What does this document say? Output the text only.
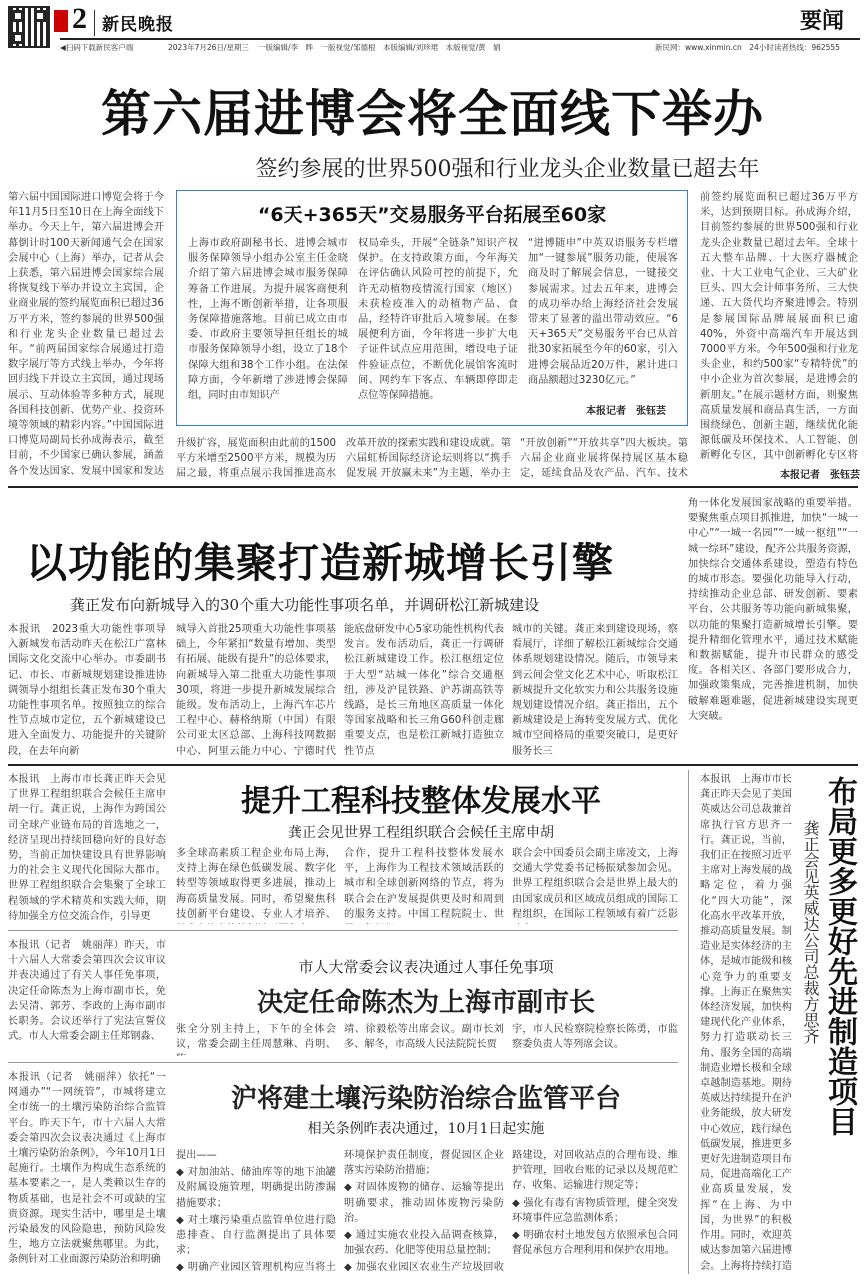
2 新民晚报	要闻
◀扫码下载新民客户端	2023年7月26日/星期三 一版编辑/李　晔　一版视觉/邹德根　本版编辑/刘珍珺　本版视觉/黄　娟	新民网：www.xinmin.cn　24小时读者热线：962555
第六届进博会将全面线下举办
签约参展的世界500强和行业龙头企业数量已超去年
第六届中国国际进口博览会将于今年11月5日至10日在上海全面线下举办。今天上午，第六届进博会开幕倒计时100天新闻通气会在国家会展中心（上海）举办，记者从会上获悉，第六届进博会国家综合展将恢复线下举办并设立主宾国，企业商业展的签约展览面积已超过36万平方米，签约参展的世界500强和行业龙头企业数量已超过去年。“前两届国家综合展通过打造数字展厅等方式线上举办，今年将回归线下并设立主宾国，通过现场展示、互动体验等多种方式，展现各国科技创新、优势产业、投资环境等领域的精彩内容。”中国国际进口博览局副局长孙成海表示，截至目前，不少国家已确认参展，涵盖各个发达国家、发展中国家和发达
“6天+365天”交易服务平台拓展至60家
上海市政府副秘书长、进博会城市服务保障领导小组办公室主任金晓介绍了第六届进博会城市服务保障筹备工作进展。为提升展客商便利性，上海不断创新举措，让各项服务保障措施落地。目前已成立由市委、市政府主要领导担任组长的城市服务保障领导小组，设立了18个保障大组和38个工作小组。在法保障方面，今年新增了涉进博会保障组，同时由市知识产
权局牵头，开展“全链条”知识产权保护。在支持政策方面，今年海关在评估确认风险可控的前提下，允许无动植物疫情流行国家（地区）未获检疫准入的动植物产品、食品，经特许审批后入境参展。在参展便利方面，今年将进一步扩大电子证件试点应用范围，增设电子证件验证点位，不断优化展馆客流时间、网约车下客点、车辆即停即走点位等保障措施。
“进博随申”中英双语服务专栏增加“一键参展”服务功能，使展客商及时了解展会信息，一键接交参展需求。过去五年来，进博会的成功举办给上海经济社会发展带来了显著的溢出带动效应。“6天+365天”交易服务平台已从首批30家拓展至今年的60家，引入进博会展品近20万件，累计进口商品额超过3230亿元。”
本报记者　张钰芸
升级扩容，展览面积由此前的1500平方米增至2500平方米，规模为历届之最，将重点展示我国推进高水
改革开放的探索实践和建设成就。第六届虹桥国际经济论坛则将以“携手促发展 开放赢未来”为主题，举办主
“开放创新”“开放共享”四大板块。第六届企业商业展将保持展区基本稳定，延续食品及农产品、汽车、技术
前签约展览面积已超过36万平方米，达到预期目标。孙成海介绍，目前签约参展的世界500强和行业龙头企业数量已超过去年。全球十五大整车品牌、十大医疗器械企业、十大工业电气企业、三大矿业巨头、四大会计师事务所、三大快递、五大货代均齐聚进博会。特别是参展国际品牌展展面积已逾40%，外资中高端汽车开展达到7000平方米。今年500强和行业龙头企业，和约500家“专精特优”的中小企业为首次参展，是进博会的新朋友。”在展示题材方面，则聚焦高质量发展和商品真生活，一方面围绕绿色、创新主题，继续优化能源低碳及环保技术、人工智能、创新孵化专区，其中创新孵化专区将
本报记者　张钰芸
以功能的集聚打造新城增长引擎
龚正发布向新城导入的30个重大功能性事项名单，并调研松江新城建设
本报讯　2023重大功能性事项导入新城发布活动昨天在松江广富林国际文化交流中心举办。市委副书记、市长、市新城规划建设推进协调领导小组组长龚正发布30个重大功能性事项名单。按照独立的综合性节点城市定位，五个新城建设已进入全面发力、功能提升的关键阶段，在去年向新
城导入首批25项重大功能性事项基础上，今年紧扣“数量有增加、类型有拓展、能级有提升”的总体要求，向新城导入第二批重大功能性事项30项，将进一步提升新城发展综合能级。发布活动上，上海汽车芯片工程中心、赫格纳斯（中国）有限公司亚太区总部、上海科技网数据中心、阿里云能力中心、宁德时代
能底盘研发中心5家功能性机构代表发言。发布活动后，龚正一行调研松江新城建设工作。松江枢纽定位于大型“站城一体化”综合交通枢纽，涉及沪昆铁路、沪苏湖高铁等线路，是长三角地区高质量一体化等国家战略和长三角G60科创走廊重要支点，也是松江新城打造独立性节点
城市的关键。龚正来到建设现场，察看展厅，详细了解松江新城综合交通体系规划建设情况。随后，市领导来到云间会堂文化艺术中心，听取松江新城提升文化软实力和公共服务设施规划建设情况介绍。龚正指出，五个新城建设是上海转变发展方式、优化城市空间格局的重要突破口，是更好服务长三
角一体化发展国家战略的重要举措。要聚焦重点项目抓推进，加快“一城一中心”“一城一名园”“一城一枢纽”“一城一综环”建设，配齐公共服务资源，加快综合交通体系建设，塑造有特色的城市形态。要强化功能导入行动，持续推动企业总部、研发创新、要素平台、公共服务等功能向新城集聚，以功能的集聚打造新城增长引擎。要提升精细化管理水平，通过技术赋能和数据赋能，提升市民群众的感受度。各相关区、各部门要形成合力，加强政策集成，完善推进机制，加快破解难题难题，促进新城建设实现更大突破。
本报讯　上海市市长龚正昨天会见了世界工程组织联合会候任主席申胡一行。龚正说，上海作为跨国公司全球产业链布局的首选地之一，经济呈现出持续回稳向好的良好态势，当前正加快建设具有世界影响力的社会主义现代化国际大都市。世界工程组织联合会集聚了全球工程领域的学术精英和实践大师，期待加强全方位交流合作，引导更
提升工程科技整体发展水平
龚正会见世界工程组织联合会候任主席申胡
多全球高素质工程企业布局上海，支持上海在绿色低碳发展、数字化转型等领域取得更多进展，推动上海高质量发展。同时，希望聚焦科技创新平台建设、专业人才培养、
合作，提升工程科技整体发展水平，上海作为工程技术领域活跃的城市和全球创新网络的节点，将为联合会在沪发展提供更及时和周到的服务支持。中国工程院院士、世
联合会中国委员会副主席凌文，上海交通大学党委书记杨振斌参加会见。世界工程组织联合会是世界上最大的由国家成员和区域成员组成的国际工程组织，在国际工程领域有着广泛影
本报讯（记者　姚丽萍）昨天，市十六届人大常委会第四次会议审议并表决通过了有关人事任免事项，决定任命陈杰为上海市副市长，免去吴清、郭芳、李政的上海市副市长职务。会议还举行了宪法宣誓仪式。市人大常委会副主任郑钢淼、
市人大常委会议表决通过人事任免事项
决定任命陈杰为上海市副市长
张全分别主持上，下午的全体会议，常委会副主任周慧琳、肖明、
靖、徐毅松等出席会议。副市长刘多、解冬，市高级人民法院院长贾
宇，市人民检察院检察长陈勇，市监察委负责人等列席会议。
本报讯（记者　姚丽萍）依托“一网通办”“一网统管”，市城将建立全市统一的土壤污染防治综合监管平台。昨天下午，市十六届人大常委会第四次会议表决通过《上海市土壤污染防治条例》，今年10月1日起施行。土壤作为构成生态系统的基本要素之一，是人类赖以生存的物质基础，也是社会不可或缺的宝贵资源。现实生活中，哪里是土壤污染最发的风险隐患，预防风险发生，地方立法就聚焦哪里。为此，条例针对工业面源污染防治和明确
沪将建土壤污染防治综合监管平台
相关条例昨表决通过，10月1日起实施
提出——
◆ 对加油站、储油库等的地下油罐及附属设施管理，明确提出防渗漏措施要求；
◆ 对土壤污染重点监管单位进行隐患排查、自行监测提出了具体要求；
◆ 明确产业园区管理机构应当将土
环境保护责任制度，督促园区企业落实污染防治措施；
◆ 对固体废物的储存、运输等提出明确要求，推动固体废物污染防治。
◆ 通过实施农业投入品调查核算，加强农药、化肥等使用总量控制；
◆ 加强农业园区农业生产垃圾回收
路建设，对回收站点的合理布设、维护管理，回收台账的记录以及规范贮存、收集、运输进行规定等；
◆ 强化有毒有害物质管理，健全突发环境事件应急监测体系；
◆ 明确农村土地发包方依照承包合同督促承包方合理利用和保护农用地。
本报讯　上海市市长龚正昨天会见了美国英威达公司总裁兼首席执行官方思齐一行。龚正说，当前，我们正在按照习近平主席对上海发展的战略定位，着力强化“四大功能”，深化高水平改革开放，推动高质量发展。制造业是实体经济的主体，是城市能级和核心竞争力的重要支撑。上海正在聚焦实体经济发展，加快构建现代化产业体系，努力打造联动长三角、服务全国的高端制造业增长极和全球卓越制造基地。期待英威达持续提升在沪业务能级，放大研发中心效应，践行绿色低碳发展，推进更多更好先进制造项目布局，促进高端化工产业高质量发展，发挥“在上海、为中国，为世界”的积极作用。同时，欢迎英威达参加第六届进博会。上海将持续打造
布局更多更好先进制造项目
龚正会见英威达公司总裁方思齐
